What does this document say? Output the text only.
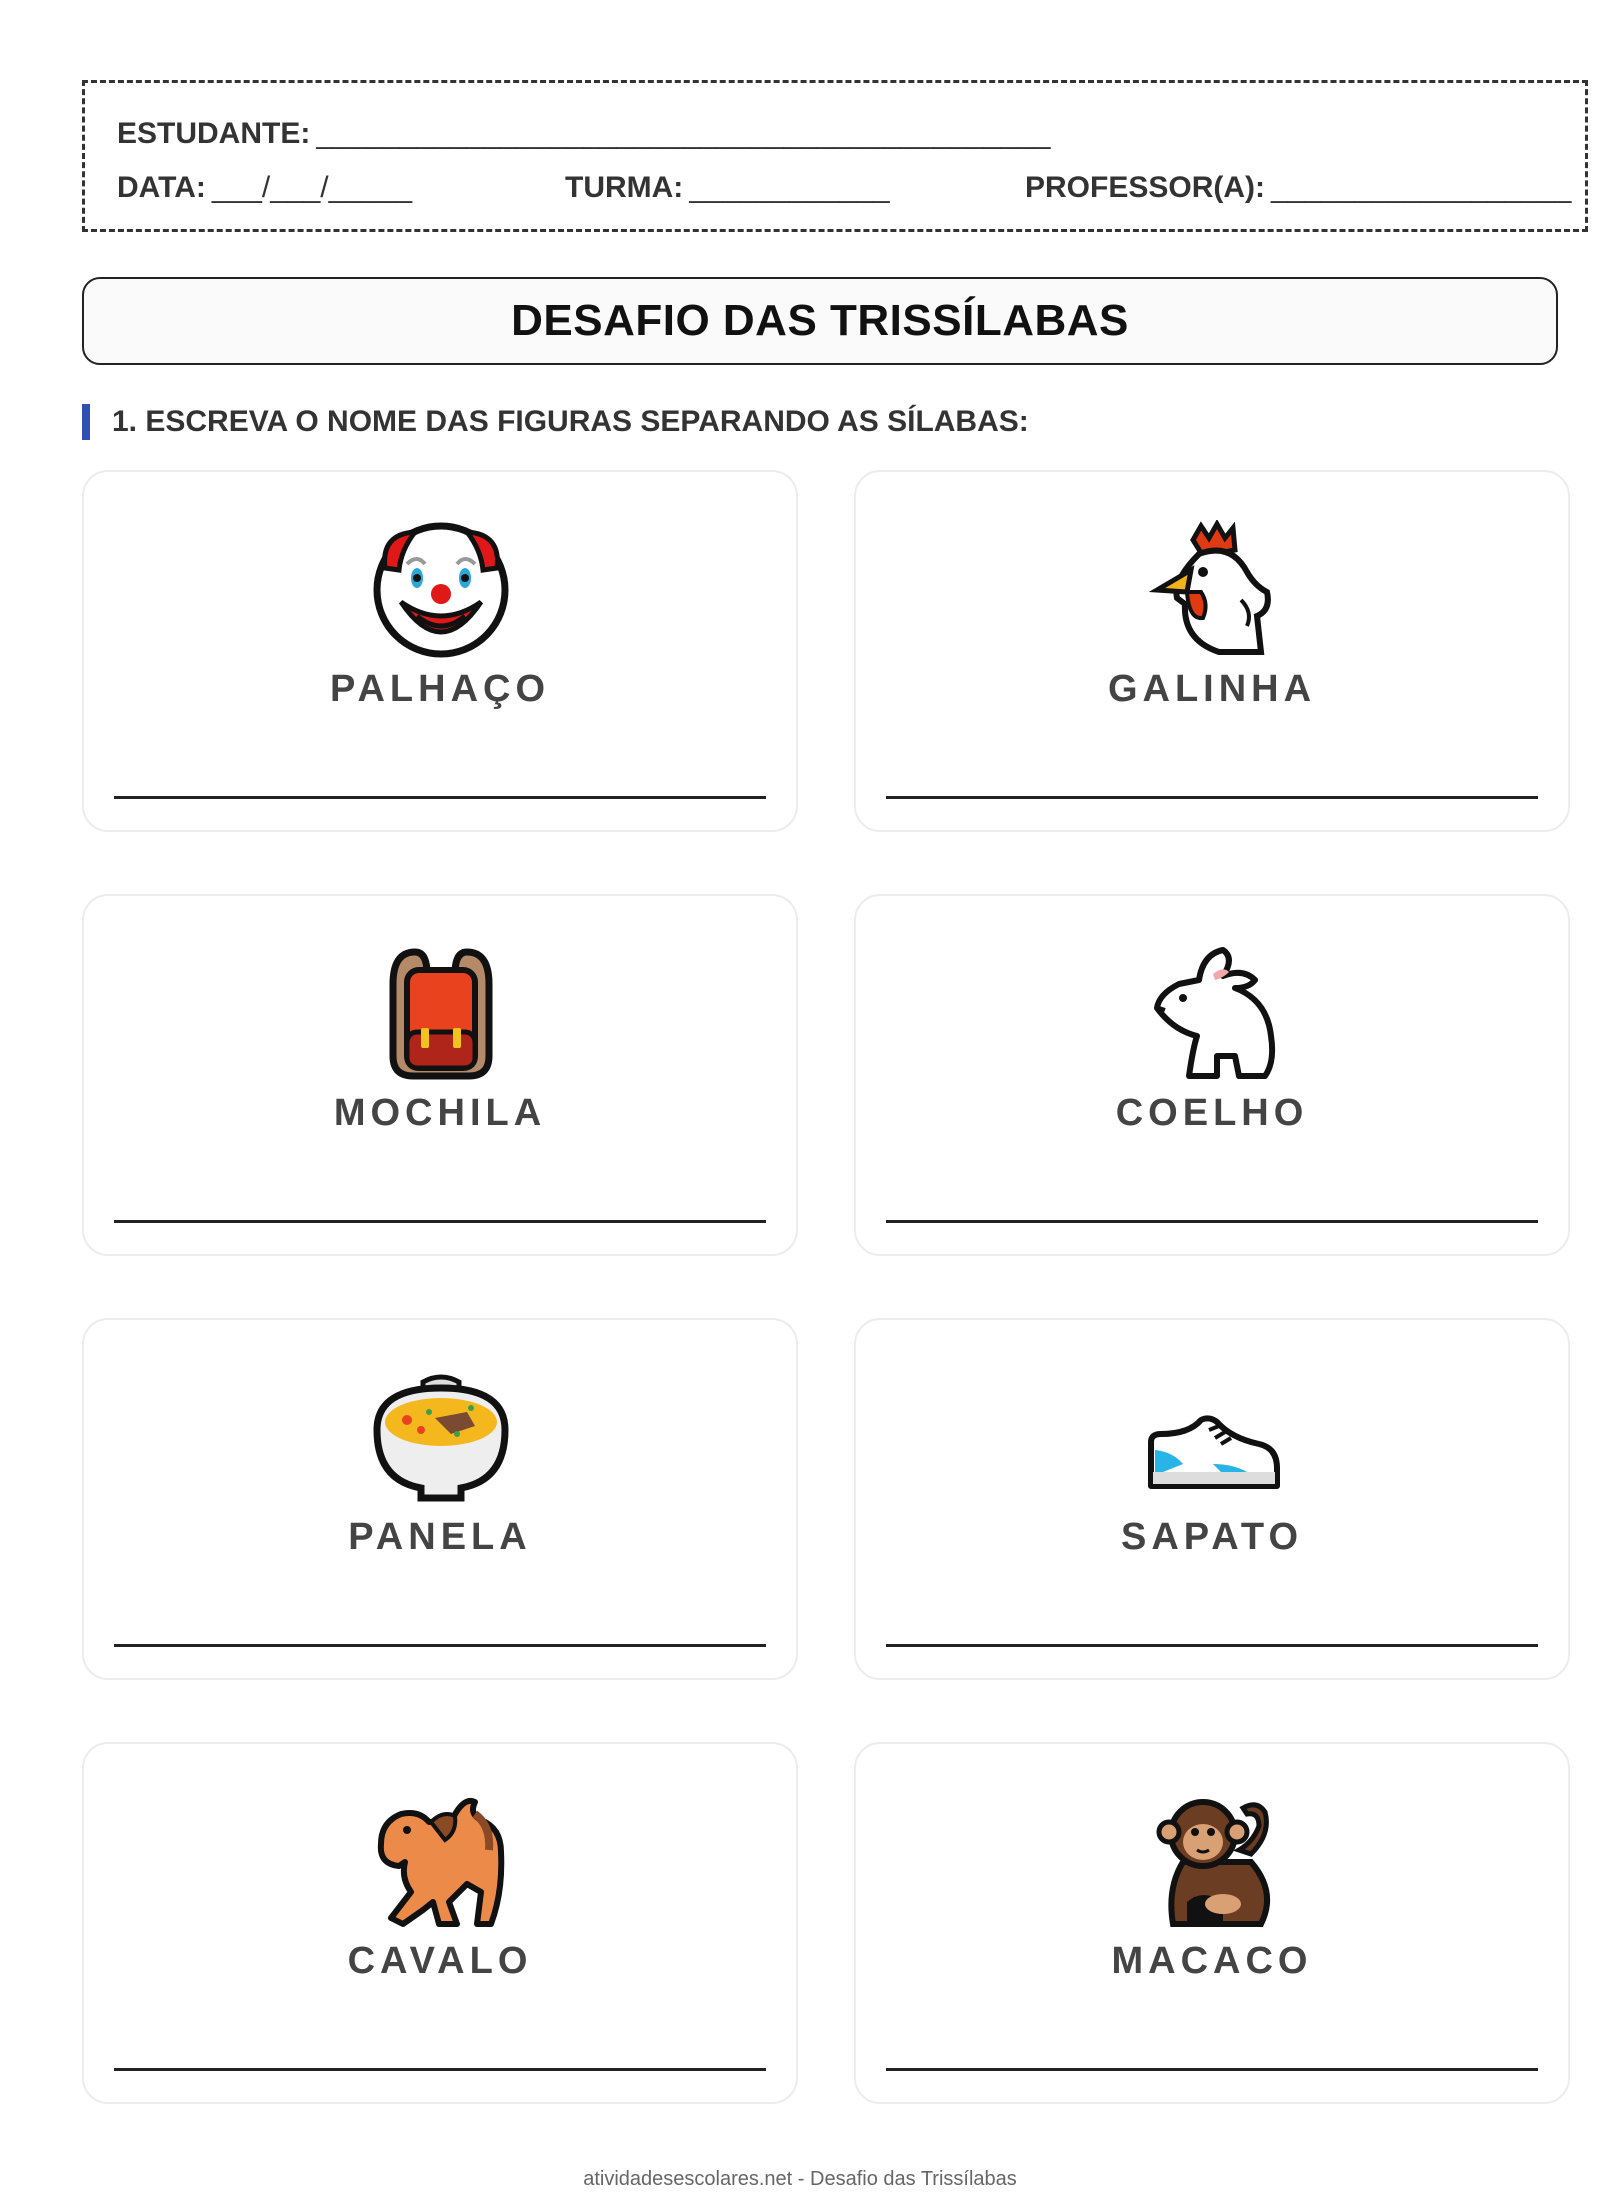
ESTUDANTE: ____________________________________________
DATA: ___/___/_____	TURMA: ____________	PROFESSOR(A): __________________
DESAFIO DAS TRISSÍLABAS
1. ESCREVA O NOME DAS FIGURAS SEPARANDO AS SÍLABAS:
PALHAÇO	GALINHA
MOCHILA	COELHO
PANELA	SAPATO
CAVALO	MACACO
atividadesescolares.net - Desafio das Trissílabas
